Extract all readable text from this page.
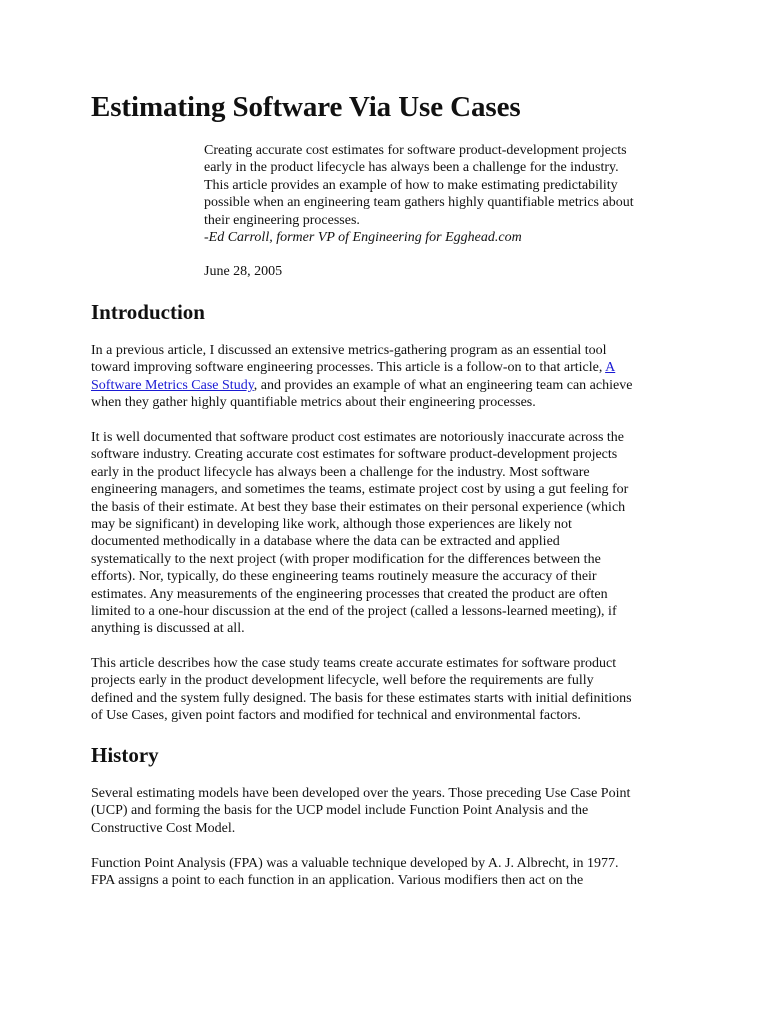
Estimating Software Via Use Cases

Creating accurate cost estimates for software product-development projects
early in the product lifecycle has always been a challenge for the industry.
This article provides an example of how to make estimating predictability
possible when an engineering team gathers highly quantifiable metrics about
their engineering processes.

-Ed Carroll, former VP of Engineering for Egghead.com

June 28, 2005
Introduction

In a previous article, I discussed an extensive metrics-gathering program as an essential tool
toward improving software engineering processes. This article is a follow-on to that article, A
Software Metrics Case Study, and provides an example of what an engineering team can achieve
when they gather highly quantifiable metrics about their engineering processes.

It is well documented that software product cost estimates are notoriously inaccurate across the
software industry. Creating accurate cost estimates for software product-development projects
early in the product lifecycle has always been a challenge for the industry. Most software
engineering managers, and sometimes the teams, estimate project cost by using a gut feeling for
the basis of their estimate. At best they base their estimates on their personal experience (which
may be significant) in developing like work, although those experiences are likely not
documented methodically in a database where the data can be extracted and applied
systematically to the next project (with proper modification for the differences between the
efforts). Nor, typically, do these engineering teams routinely measure the accuracy of their
estimates. Any measurements of the engineering processes that created the product are often
limited to a one-hour discussion at the end of the project (called a lessons-learned meeting), if
anything is discussed at all.

This article describes how the case study teams create accurate estimates for software product
projects early in the product development lifecycle, well before the requirements are fully
defined and the system fully designed. The basis for these estimates starts with initial definitions
of Use Cases, given point factors and modified for technical and environmental factors.

History

Several estimating models have been developed over the years. Those preceding Use Case Point
(UCP) and forming the basis for the UCP model include Function Point Analysis and the
Constructive Cost Model.

Function Point Analysis (FPA) was a valuable technique developed by A. J. Albrecht, in 1977.
FPA assigns a point to each function in an application. Various modifiers then act on the
